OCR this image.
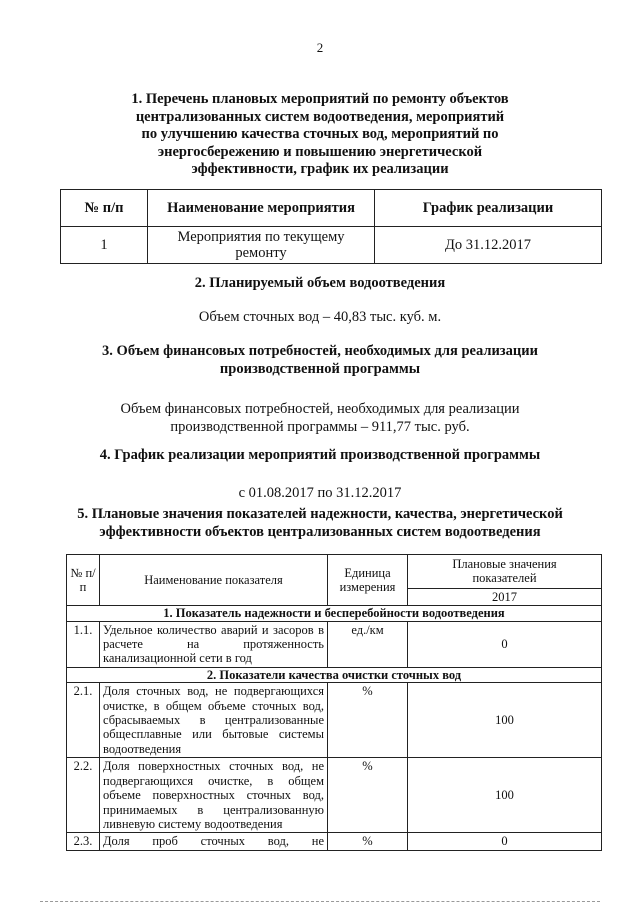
2
1. Перечень плановых мероприятий по ремонту объектов
централизованных систем водоотведения, мероприятий
по улучшению качества сточных вод, мероприятий по
энергосбережению и повышению энергетической
эффективности, график их реализации
№ п/п	Наименование мероприятия	График реализации
1	Мероприятия по текущему ремонту	До 31.12.2017
2. Планируемый объем водоотведения
Объем сточных вод – 40,83 тыс. куб. м.
3. Объем финансовых потребностей, необходимых для реализации
производственной программы
Объем финансовых потребностей, необходимых для реализации
производственной программы – 911,77 тыс. руб.
4. График реализации мероприятий производственной программы
с 01.08.2017 по 31.12.2017
5. Плановые значения показателей надежности, качества, энергетической
эффективности объектов централизованных систем водоотведения
№ п/п	Наименование показателя	Единица измерения	Плановые значения показателей
			2017
1. Показатель надежности и бесперебойности водоотведения			
1.1.	Удельное количество аварий и засоров в расчете на протяженность канализационной сети в год	ед./км	0
2. Показатели качества очистки сточных вод			
2.1.	Доля сточных вод, не подвергающихся очистке, в общем объеме сточных вод, сбрасываемых в централизованные общесплавные или бытовые системы водоотведения	%	100
2.2.	Доля поверхностных сточных вод, не подвергающихся очистке, в общем объеме поверхностных сточных вод, принимаемых в централизованную ливневую систему водоотведения	%	100
2.3.	Доля проб сточных вод, не	%	0
